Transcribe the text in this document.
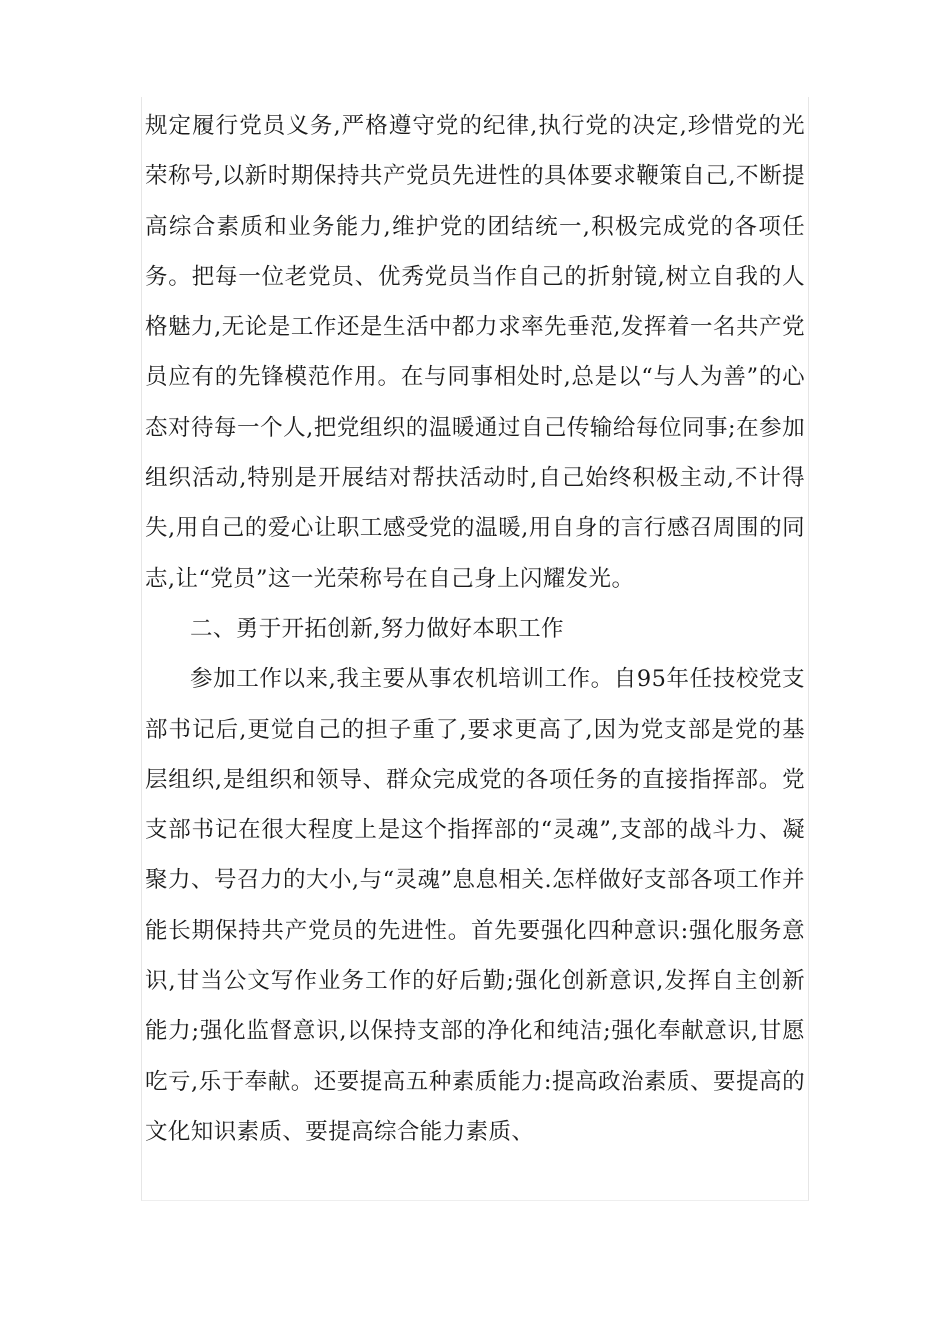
规定履行党员义务,严格遵守党的纪律,执行党的决定,珍惜党的光荣称号,以新时期保持共产党员先进性的具体要求鞭策自己,不断提高综合素质和业务能力,维护党的团结统一,积极完成党的各项任务。把每一位老党员、优秀党员当作自己的折射镜,树立自我的人格魅力,无论是工作还是生活中都力求率先垂范,发挥着一名共产党员应有的先锋模范作用。在与同事相处时,总是以“与人为善”的心态对待每一个人,把党组织的温暖通过自己传输给每位同事;在参加组织活动,特别是开展结对帮扶活动时,自己始终积极主动,不计得失,用自己的爱心让职工感受党的温暖,用自身的言行感召周围的同志,让“党员”这一光荣称号在自己身上闪耀发光。

二、勇于开拓创新,努力做好本职工作

参加工作以来,我主要从事农机培训工作。自95年任技校党支部书记后,更觉自己的担子重了,要求更高了,因为党支部是党的基层组织,是组织和领导、群众完成党的各项任务的直接指挥部。党支部书记在很大程度上是这个指挥部的“灵魂”,支部的战斗力、凝聚力、号召力的大小,与“灵魂”息息相关.怎样做好支部各项工作并能长期保持共产党员的先进性。首先要强化四种意识:强化服务意识,甘当公文写作业务工作的好后勤;强化创新意识,发挥自主创新能力;强化监督意识,以保持支部的净化和纯洁;强化奉献意识,甘愿吃亏,乐于奉献。还要提高五种素质能力:提高政治素质、要提高的文化知识素质、要提高综合能力素质、
